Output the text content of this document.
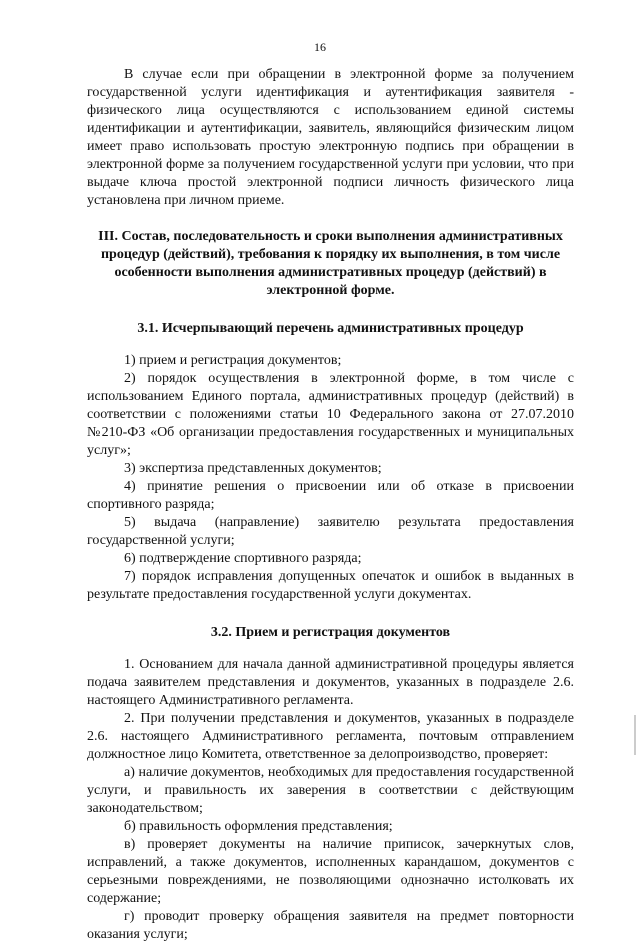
16

В случае если при обращении в электронной форме за получением государственной услуги идентификация и аутентификация заявителя - физического лица осуществляются с использованием единой системы идентификации и аутентификации, заявитель, являющийся физическим лицом имеет право использовать простую электронную подпись при обращении в электронной форме за получением государственной услуги при условии, что при выдаче ключа простой электронной подписи личность физического лица установлена при личном приеме.

III. Состав, последовательность и сроки выполнения административных процедур (действий), требования к порядку их выполнения, в том числе особенности выполнения административных процедур (действий) в электронной форме.
3.1. Исчерпывающий перечень административных процедур

1) прием и регистрация документов;

2) порядок осуществления в электронной форме, в том числе с использованием Единого портала, административных процедур (действий) в соответствии с положениями статьи 10 Федерального закона от 27.07.2010 №210-ФЗ «Об организации предоставления государственных и муниципальных услуг»;

3) экспертиза представленных документов;

4) принятие решения о присвоении или об отказе в присвоении спортивного разряда;

5) выдача (направление) заявителю результата предоставления государственной услуги;

6) подтверждение спортивного разряда;

7) порядок исправления допущенных опечаток и ошибок в выданных в результате предоставления государственной услуги документах.

3.2. Прием и регистрация документов

1. Основанием для начала данной административной процедуры является подача заявителем представления и документов, указанных в подразделе 2.6. настоящего Административного регламента.

2. При получении представления и документов, указанных в подразделе 2.6. настоящего Административного регламента, почтовым отправлением должностное лицо Комитета, ответственное за делопроизводство, проверяет:

а) наличие документов, необходимых для предоставления государственной услуги, и правильность их заверения в соответствии с действующим законодательством;

б) правильность оформления представления;

в) проверяет документы на наличие приписок, зачеркнутых слов, исправлений, а также документов, исполненных карандашом, документов с серьезными повреждениями, не позволяющими однозначно истолковать их содержание;

г) проводит проверку обращения заявителя на предмет повторности оказания услуги;
